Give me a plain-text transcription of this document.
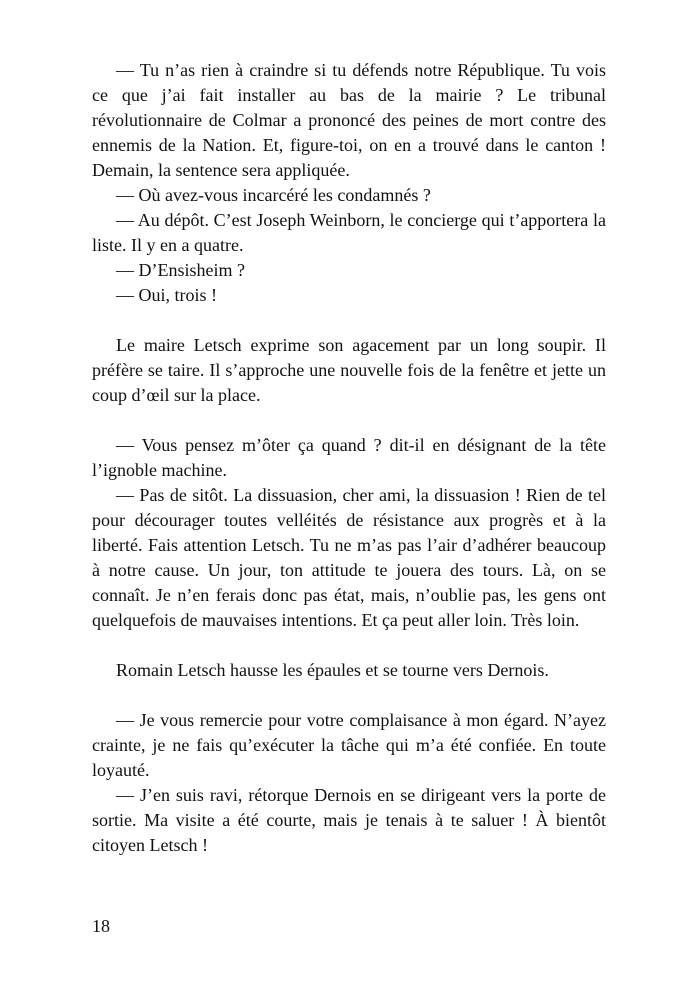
— Tu n’as rien à craindre si tu défends notre République. Tu vois ce que j’ai fait installer au bas de la mairie ? Le tribunal révolutionnaire de Colmar a prononcé des peines de mort contre des ennemis de la Nation. Et, figure-toi, on en a trouvé dans le canton ! Demain, la sentence sera appliquée.

— Où avez-vous incarcéré les condamnés ?

— Au dépôt. C’est Joseph Weinborn, le concierge qui t’apportera la liste. Il y en a quatre.

— D’Ensisheim ?

— Oui, trois !

Le maire Letsch exprime son agacement par un long soupir. Il préfère se taire. Il s’approche une nouvelle fois de la fenêtre et jette un coup d’œil sur la place.

— Vous pensez m’ôter ça quand ? dit-il en désignant de la tête l’ignoble machine.

— Pas de sitôt. La dissuasion, cher ami, la dissuasion ! Rien de tel pour décourager toutes velléités de résistance aux progrès et à la liberté. Fais attention Letsch. Tu ne m’as pas l’air d’adhérer beaucoup à notre cause. Un jour, ton attitude te jouera des tours. Là, on se connaît. Je n’en ferais donc pas état, mais, n’oublie pas, les gens ont quelquefois de mauvaises intentions. Et ça peut aller loin. Très loin.

Romain Letsch hausse les épaules et se tourne vers Dernois.

— Je vous remercie pour votre complaisance à mon égard. N’ayez crainte, je ne fais qu’exécuter la tâche qui m’a été confiée. En toute loyauté.

— J’en suis ravi, rétorque Dernois en se dirigeant vers la porte de sortie. Ma visite a été courte, mais je tenais à te saluer ! À bientôt citoyen Letsch !

18
